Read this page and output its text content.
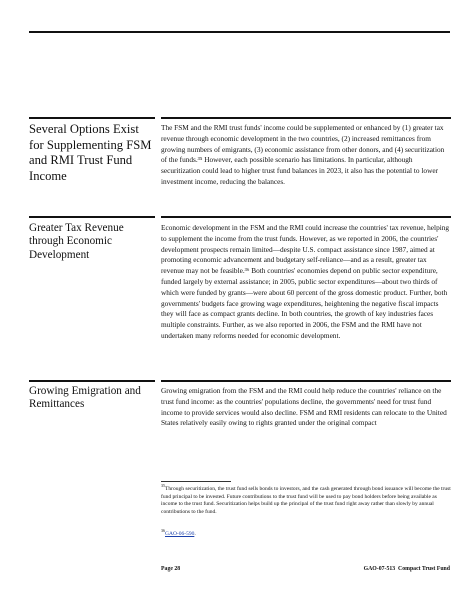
Several Options Exist for Supplementing FSM and RMI Trust Fund Income
The FSM and the RMI trust funds' income could be supplemented or enhanced by (1) greater tax revenue through economic development in the two countries, (2) increased remittances from growing numbers of emigrants, (3) economic assistance from other donors, and (4) securitization of the funds.³⁵ However, each possible scenario has limitations. In particular, although securitization could lead to higher trust fund balances in 2023, it also has the potential to lower investment income, reducing the balances.
Greater Tax Revenue through Economic Development
Economic development in the FSM and the RMI could increase the countries' tax revenue, helping to supplement the income from the trust funds. However, as we reported in 2006, the countries' development prospects remain limited—despite U.S. compact assistance since 1987, aimed at promoting economic advancement and budgetary self-reliance—and as a result, greater tax revenue may not be feasible.³⁶ Both countries' economies depend on public sector expenditure, funded largely by external assistance; in 2005, public sector expenditures—about two thirds of which were funded by grants—were about 60 percent of the gross domestic product. Further, both governments' budgets face growing wage expenditures, heightening the negative fiscal impacts they will face as compact grants decline. In both countries, the growth of key industries faces multiple constraints. Further, as we also reported in 2006, the FSM and the RMI have not undertaken many reforms needed for economic development.
Growing Emigration and Remittances
Growing emigration from the FSM and the RMI could help reduce the countries' reliance on the trust fund income: as the countries' populations decline, the governments' need for trust fund income to provide services would also decline. FSM and RMI residents can relocate to the United States relatively easily owing to rights granted under the original compact
$^{35}$Through securitization, the trust fund sells bonds to investors, and the cash generated through bond issuance will become the trust fund principal to be invested. Future contributions to the trust fund will be used to pay bond holders before being available as income to the trust fund. Securitization helps build up the principal of the trust fund right away rather than slowly by annual contributions to the fund.
$^{36}$GAO-06-590.
Page 28	GAO-07-513  Compact Trust Fund
